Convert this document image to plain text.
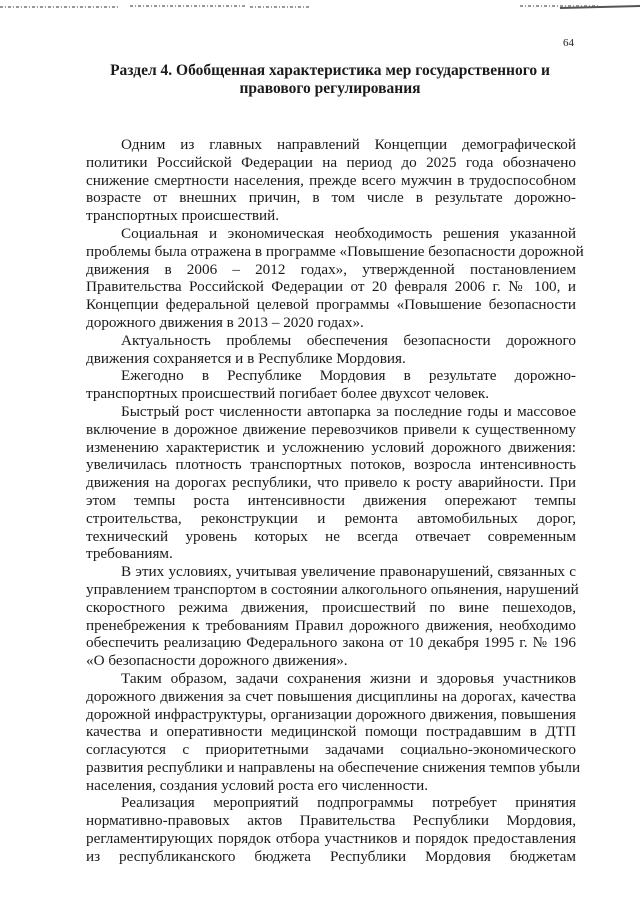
64
Раздел 4. Обобщенная характеристика мер государственного и
правового регулирования
Одним из главных направлений Концепции демографической
политики Российской Федерации на период до 2025 года обозначено
снижение смертности населения, прежде всего мужчин в трудоспособном
возрасте от внешних причин, в том числе в результате дорожно-
транспортных происшествий.
Социальная и экономическая необходимость решения указанной
проблемы была отражена в программе «Повышение безопасности дорожной
движения в 2006 – 2012 годах», утвержденной постановлением
Правительства Российской Федерации от 20 февраля 2006 г. № 100, и
Концепции федеральной целевой программы «Повышение безопасности
дорожного движения в 2013 – 2020 годах».
Актуальность проблемы обеспечения безопасности дорожного
движения сохраняется и в Республике Мордовия.
Ежегодно в Республике Мордовия в результате дорожно-
транспортных происшествий погибает более двухсот человек.
Быстрый рост численности автопарка за последние годы и массовое
включение в дорожное движение перевозчиков привели к существенному
изменению характеристик и усложнению условий дорожного движения:
увеличилась плотность транспортных потоков, возросла интенсивность
движения на дорогах республики, что привело к росту аварийности. При
этом темпы роста интенсивности движения опережают темпы
строительства, реконструкции и ремонта автомобильных дорог,
технический уровень которых не всегда отвечает современным
требованиям.
В этих условиях, учитывая увеличение правонарушений, связанных с
управлением транспортом в состоянии алкогольного опьянения, нарушений
скоростного режима движения, происшествий по вине пешеходов,
пренебрежения к требованиям Правил дорожного движения, необходимо
обеспечить реализацию Федерального закона от 10 декабря 1995 г. № 196
«О безопасности дорожного движения».
Таким образом, задачи сохранения жизни и здоровья участников
дорожного движения за счет повышения дисциплины на дорогах, качества
дорожной инфраструктуры, организации дорожного движения, повышения
качества и оперативности медицинской помощи пострадавшим в ДТП
согласуются с приоритетными задачами социально-экономического
развития республики и направлены на обеспечение снижения темпов убыли
населения, создания условий роста его численности.
Реализация мероприятий подпрограммы потребует принятия
нормативно-правовых актов Правительства Республики Мордовия,
регламентирующих порядок отбора участников и порядок предоставления
из республиканского бюджета Республики Мордовия бюджетам
